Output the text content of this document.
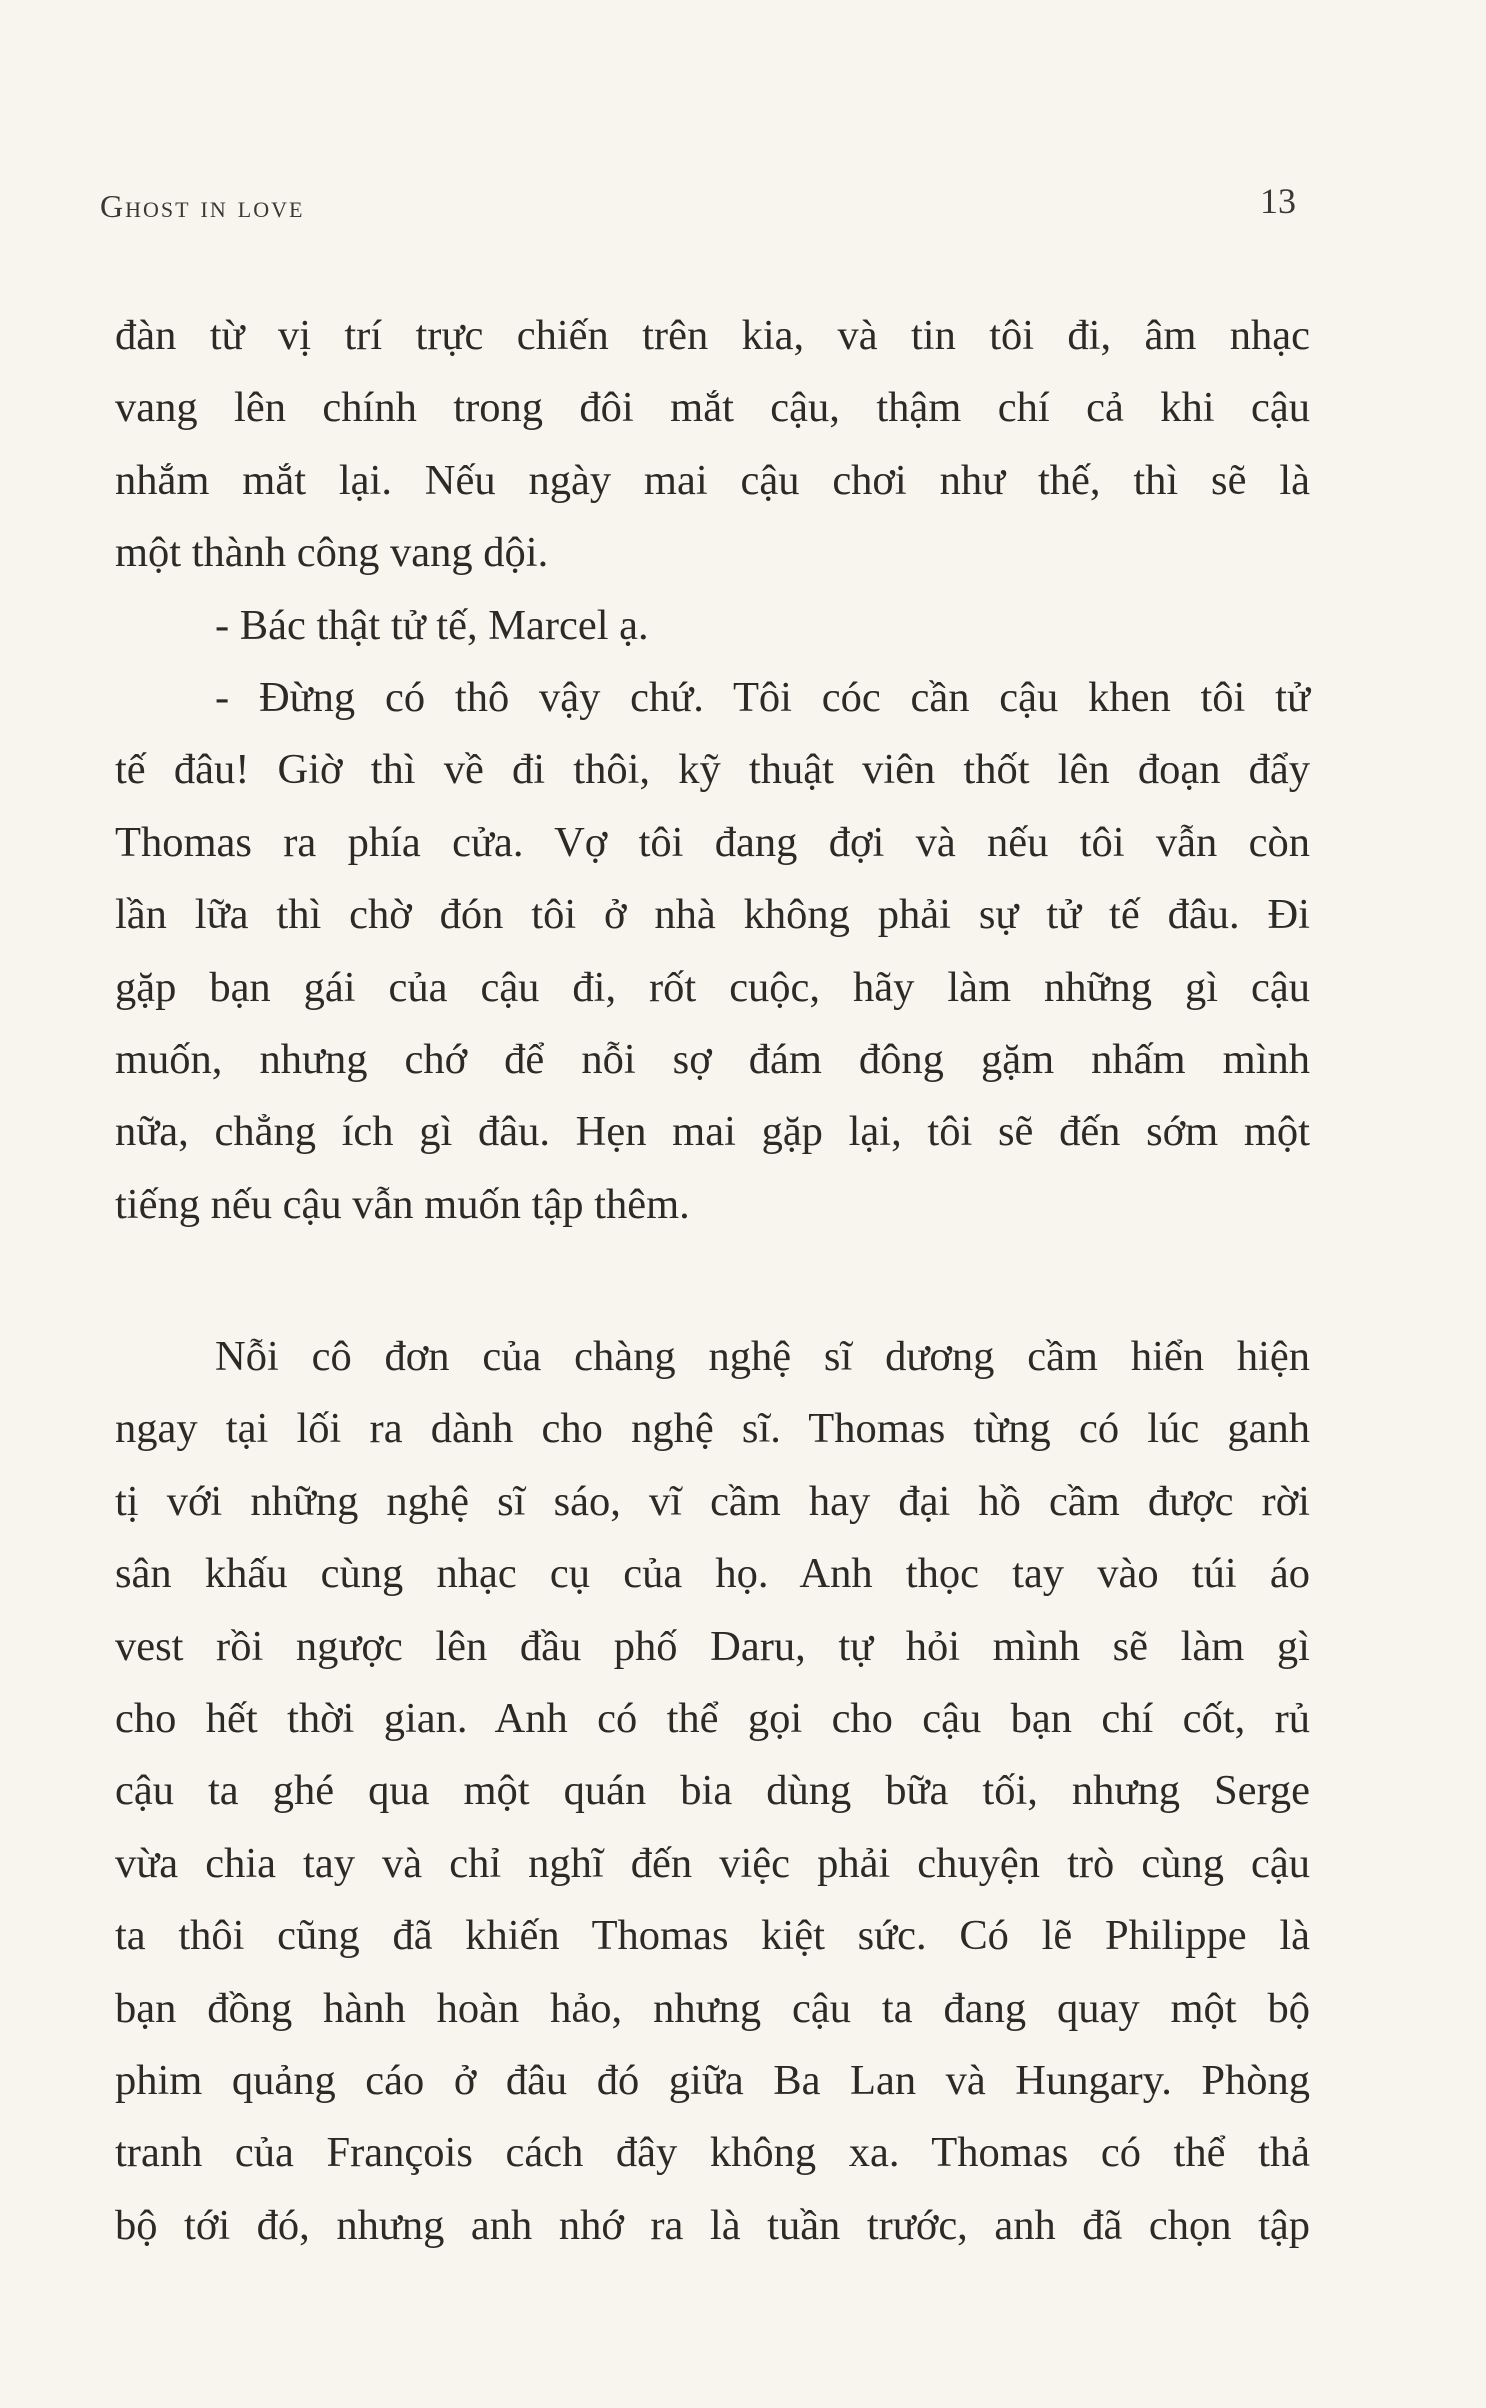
Ghost in love	13
đàn từ vị trí trực chiến trên kia, và tin tôi đi, âm nhạc
vang lên chính trong đôi mắt cậu, thậm chí cả khi cậu
nhắm mắt lại. Nếu ngày mai cậu chơi như thế, thì sẽ là
một thành công vang dội.
- Bác thật tử tế, Marcel ạ.
- Đừng có thô vậy chứ. Tôi cóc cần cậu khen tôi tử
tế đâu! Giờ thì về đi thôi, kỹ thuật viên thốt lên đoạn đẩy
Thomas ra phía cửa. Vợ tôi đang đợi và nếu tôi vẫn còn
lần lữa thì chờ đón tôi ở nhà không phải sự tử tế đâu. Đi
gặp bạn gái của cậu đi, rốt cuộc, hãy làm những gì cậu
muốn, nhưng chớ để nỗi sợ đám đông gặm nhấm mình
nữa, chẳng ích gì đâu. Hẹn mai gặp lại, tôi sẽ đến sớm một
tiếng nếu cậu vẫn muốn tập thêm.
Nỗi cô đơn của chàng nghệ sĩ dương cầm hiển hiện
ngay tại lối ra dành cho nghệ sĩ. Thomas từng có lúc ganh
tị với những nghệ sĩ sáo, vĩ cầm hay đại hồ cầm được rời
sân khấu cùng nhạc cụ của họ. Anh thọc tay vào túi áo
vest rồi ngược lên đầu phố Daru, tự hỏi mình sẽ làm gì
cho hết thời gian. Anh có thể gọi cho cậu bạn chí cốt, rủ
cậu ta ghé qua một quán bia dùng bữa tối, nhưng Serge
vừa chia tay và chỉ nghĩ đến việc phải chuyện trò cùng cậu
ta thôi cũng đã khiến Thomas kiệt sức. Có lẽ Philippe là
bạn đồng hành hoàn hảo, nhưng cậu ta đang quay một bộ
phim quảng cáo ở đâu đó giữa Ba Lan và Hungary. Phòng
tranh của François cách đây không xa. Thomas có thể thả
bộ tới đó, nhưng anh nhớ ra là tuần trước, anh đã chọn tập
